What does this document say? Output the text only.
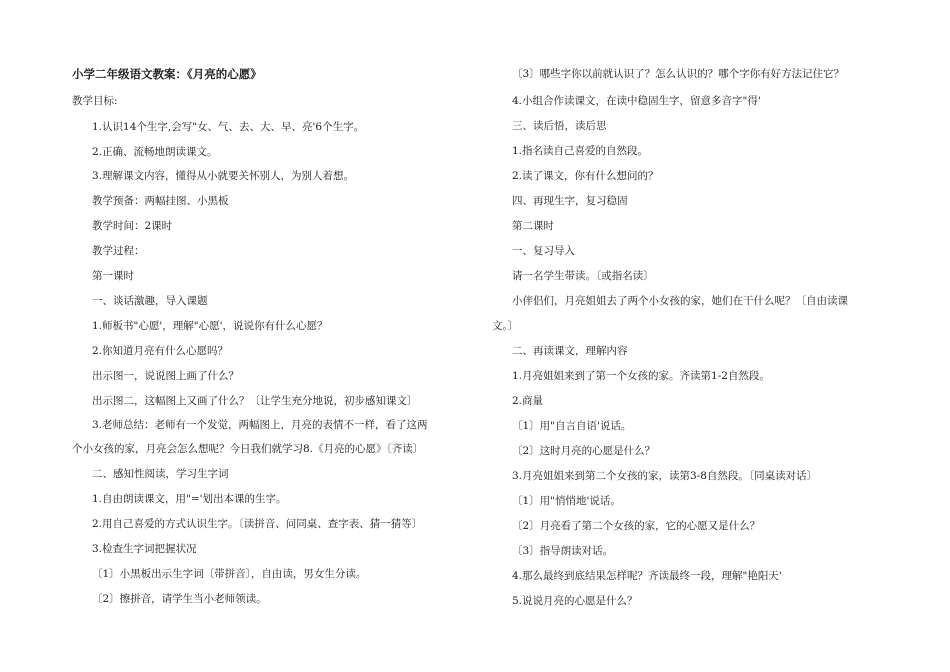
小学二年级语文教案：《月亮的心愿》
教学目标:
1.认识14个生字,会写"女、气、去、大、早、亮'6个生字。
2.正确、流畅地朗读课文。
3.理解课文内容，懂得从小就要关怀别人，为别人着想。
教学预备：两幅挂图、小黑板
教学时间：2课时
教学过程：
第一课时
一、谈话激趣，导入课题
1.师板书"心愿'，理解"心愿'，说说你有什么心愿？
2.你知道月亮有什么心愿吗？
出示图一，说说图上画了什么？
出示图二，这幅图上又画了什么？〔让学生充分地说，初步感知课文〕
3.老师总结：老师有一个发觉，两幅图上，月亮的表情不一样，看了这两
个小女孩的家，月亮会怎么想呢？今日我们就学习8.《月亮的心愿》〔齐读〕
二、感知性阅读，学习生字词
1.自由朗读课文，用"='划出本课的生字。
2.用自己喜爱的方式认识生字。〔读拼音、问同桌、查字表、猜一猜等〕
3.检查生字词把握状况
〔1〕小黑板出示生字词〔带拼音〕，自由读，男女生分读。
〔2〕擦拼音，请学生当小老师领读。
〔3〕哪些字你以前就认识了？怎么认识的？哪个字你有好方法记住它？
4.小组合作读课文，在读中稳固生字，留意多音字"得'
三、读后悟，读后思
1.指名读自己喜爱的自然段。
2.读了课文，你有什么想问的？
四、再现生字，复习稳固
第二课时
一、复习导入
请一名学生带读。〔或指名读〕
小伴侣们，月亮姐姐去了两个小女孩的家，她们在干什么呢？〔自由读课
文。〕
二、再读课文，理解内容
1.月亮姐姐来到了第一个女孩的家。齐读第1-2自然段。
2.商量
〔1〕用"自言自语'说话。
〔2〕这时月亮的心愿是什么？
3.月亮姐姐来到第二个女孩的家，读第3-8自然段。〔同桌读对话〕
〔1〕用"悄悄地'说话。
〔2〕月亮看了第二个女孩的家，它的心愿又是什么？
〔3〕指导朗读对话。
4.那么最终到底结果怎样呢？齐读最终一段，理解"艳阳天'
5.说说月亮的心愿是什么？
